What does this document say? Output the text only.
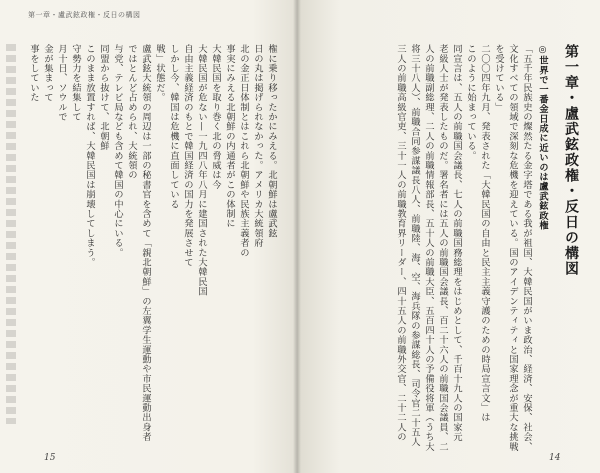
第一章・盧武鉉政権・反日の構図
権に乗り移ったかにみえる。北朝鮮は盧武鉉
日の丸は掲げられなかった。アメリカ大統領府
北の金正日体制とはこれら北朝鮮や民族主義者の
事実にみえる北朝鮮の内通者がこの体制に
大韓民国を取り巻く北の脅威は今
大韓民国が危ない—一九四八年八月に建国された大韓民国
自由主義経済のもとで韓国経済の国力を発展させて
しかし今、韓国は危機に直面している
戦」状態だ。
盧武鉉大統領の周辺は一部の秘書官を含めて「親北朝鮮」の左翼学生運動や市民運動出身者
ではとんど占められ、大統領の
与党、テレビ局なども含めて韓国の中心にいる。
同盟から抜けて、北朝鮮
このまま放置すれば、大韓民国は崩壊してしまう。
守勢力を結集して
月十日、ソウルで
金が集まって
事をしていた
15
第一章・盧武鉉政権・反日の構図
◎世界で一番金日成に近いのは盧武鉉政権
「五千年民族史の燦然たる金字塔である我が祖国、大韓民国がいま政治、経済、安保、社会、
文化すべての領域で深刻な危機を迎えている。国のアイデンティティと国家理念が重大な挑戦
を受けている」
二〇〇四年九月、発表された「大韓民国の自由と民主主義守護のための時局宣言文」は
このように始まっている。
同宣言は、五人の前職国会議長、七人の前職国務総理をはじめとして、千百十九人の国家元
老級人士が発表したものだ。署名者には五人の前職国会議長、百二十六人の前職国会議員、二
人の前職副総理、二人の前職情報部長、五十人の前職大臣、五百四十人の予備役将軍（うち大
将三十八人）、前職合同参謀議長八人、前職陸、海、空、海兵隊の参謀総長、司令官二十五人
三人の前職高級官吏、三十一人の前職教育界リーダー、四十五人の前職外交官、二十二人の
14
